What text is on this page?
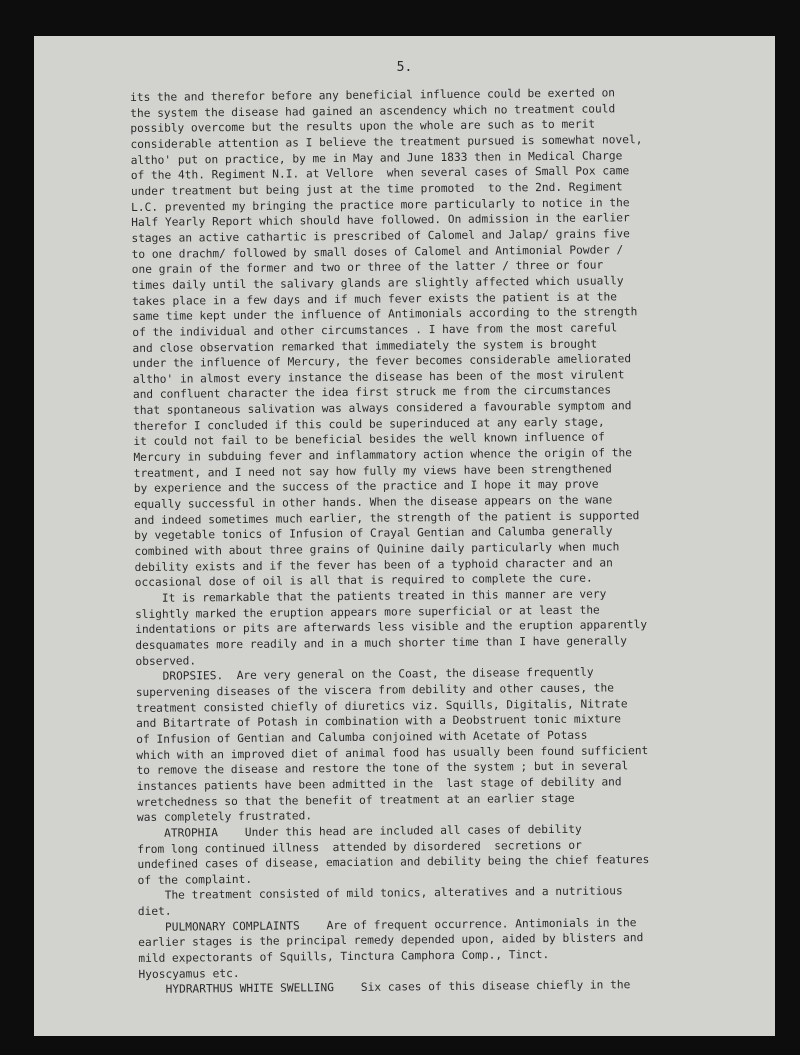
5.
its the and therefor before any beneficial influence could be exerted on
the system the disease had gained an ascendency which no treatment could
possibly overcome but the results upon the whole are such as to merit
considerable attention as I believe the treatment pursued is somewhat novel,
altho' put on practice, by me in May and June 1833 then in Medical Charge
of the 4th. Regiment N.I. at Vellore  when several cases of Small Pox came
under treatment but being just at the time promoted  to the 2nd. Regiment
L.C. prevented my bringing the practice more particularly to notice in the
Half Yearly Report which should have followed. On admission in the earlier
stages an active cathartic is prescribed of Calomel and Jalap/ grains five
to one drachm/ followed by small doses of Calomel and Antimonial Powder /
one grain of the former and two or three of the latter / three or four
times daily until the salivary glands are slightly affected which usually
takes place in a few days and if much fever exists the patient is at the
same time kept under the influence of Antimonials according to the strength
of the individual and other circumstances . I have from the most careful
and close observation remarked that immediately the system is brought
under the influence of Mercury, the fever becomes considerable ameliorated
altho' in almost every instance the disease has been of the most virulent
and confluent character the idea first struck me from the circumstances
that spontaneous salivation was always considered a favourable symptom and
therefor I concluded if this could be superinduced at any early stage,
it could not fail to be beneficial besides the well known influence of
Mercury in subduing fever and inflammatory action whence the origin of the
treatment, and I need not say how fully my views have been strengthened
by experience and the success of the practice and I hope it may prove
equally successful in other hands. When the disease appears on the wane
and indeed sometimes much earlier, the strength of the patient is supported
by vegetable tonics of Infusion of Crayal Gentian and Calumba generally
combined with about three grains of Quinine daily particularly when much
debility exists and if the fever has been of a typhoid character and an
occasional dose of oil is all that is required to complete the cure.
It is remarkable that the patients treated in this manner are very
slightly marked the eruption appears more superficial or at least the
indentations or pits are afterwards less visible and the eruption apparently
desquamates more readily and in a much shorter time than I have generally
observed.
DROPSIES.  Are very general on the Coast, the disease frequently
supervening diseases of the viscera from debility and other causes, the
treatment consisted chiefly of diuretics viz. Squills, Digitalis, Nitrate
and Bitartrate of Potash in combination with a Deobstruent tonic mixture
of Infusion of Gentian and Calumba conjoined with Acetate of Potass
which with an improved diet of animal food has usually been found sufficient
to remove the disease and restore the tone of the system ; but in several
instances patients have been admitted in the  last stage of debility and
wretchedness so that the benefit of treatment at an earlier stage
was completely frustrated.
ATROPHIA    Under this head are included all cases of debility
from long continued illness  attended by disordered  secretions or
undefined cases of disease, emaciation and debility being the chief features
of the complaint.
The treatment consisted of mild tonics, alteratives and a nutritious
diet.
PULMONARY COMPLAINTS    Are of frequent occurrence. Antimonials in the
earlier stages is the principal remedy depended upon, aided by blisters and
mild expectorants of Squills, Tinctura Camphora Comp., Tinct.
Hyoscyamus etc.
HYDRARTHUS WHITE SWELLING    Six cases of this disease chiefly in the
